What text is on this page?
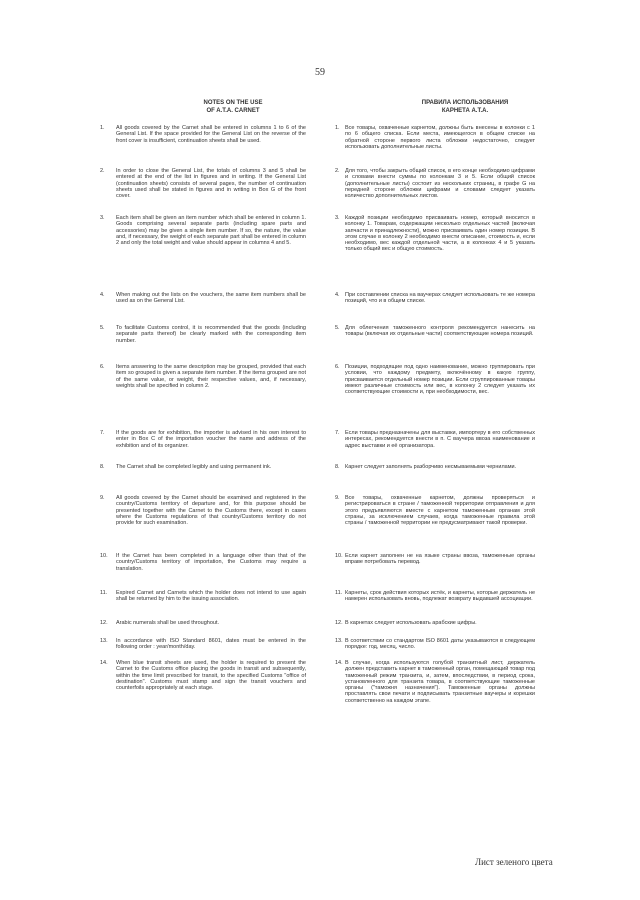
59
NOTES ON THE USE
OF A.T.A. CARNET
ПРАВИЛА ИСПОЛЬЗОВАНИЯ
КАРНЕТА A.T.A.
1. All goods covered by the Carnet shall be entered in columns 1 to 6 of the General List. If the space provided for the General List on the reverse of the front cover is insufficient, continuation sheets shall be used.

1. Все товары, охваченные карнетом, должны быть внесены в колонки с 1 по 6 общего списка. Если места, имеющегося в общем списке на обратной стороне первого листа обложки недостаточно, следует использовать дополнительные листы.

2. In order to close the General List, the totals of columns 3 and 5 shall be entered at the end of the list in figures and in writing. If the General List (continuation sheets) consists of several pages, the number of continuation sheets used shall be stated in figures and in writing in Box G of the front cover.

2. Для того, чтобы закрыть общий список, в его конце необходимо цифрами и словами внести суммы по колонкам 3 и 5. Если общий список (дополнительные листы) состоит из нескольких страниц, в графе G на передней стороне обложки цифрами и словами следует указать количество дополнительных листов.

3. Each item shall be given an item number which shall be entered in column 1. Goods comprising several separate parts (including spare parts and accessories) may be given a single item number. If so, the nature, the value and, if necessary, the weight of each separate part shall be entered in column 2 and only the total weight and value should appear in columns 4 and 5.

3. Каждой позиции необходимо присваивать номер, который вносится в колонку 1. Товарам, содержащим несколько отдельных частей (включая запчасти и принадлежности), можно присваивать один номер позиции. В этом случае в колонку 2 необходимо внести описание, стоимость и, если необходимо, вес каждой отдельной части, а в колонках 4 и 5 указать только общий вес и общую стоимость.

4. When making out the lists on the vouchers, the same item numbers shall be used as on the General List.

4. При составлении списка на ваучерах следует использовать те же номера позиций, что и в общем списке.

5. To facilitate Customs control, it is recommended that the goods (including separate parts thereof) be clearly marked with the corresponding item number.

5. Для облегчения таможенного контроля рекомендуется нанесить на товары (включая их отдельные части) соответствующие номера позиций.

6. Items answering to the same description may be grouped, provided that each item so grouped is given a separate item number. If the items grouped are not of the same value, or weight, their respective values, and, if necessary, weights shall be specified in column 2.

6. Позиции, подходящие под одно наименование, можно группировать при условии, что каждому предмету, включённому в какую группу, присваивается отдельный номер позиции. Если сгруппированные товары имеют различные стоимость или вес, в колонку 2 следует указать их соответствующие стоимости и, при необходимости, вес.

7. If the goods are for exhibition, the importer is advised in his own interest to enter in Box C of the importation voucher the name and address of the exhibition and of its organizer.

7. Если товары предназначены для выставки, импортеру в его собственных интересах, рекомендуется внести в п. C ваучера ввоза наименование и адрес выставки и её организатора.

8. The Carnet shall be completed legibly and using permanent ink.	8. Карнет следует заполнять разборчиво несмываемыми чернилами.

9. All goods covered by the Carnet should be examined and registered in the country/Customs territory of departure and, for this purpose should be presented together with the Carnet to the Customs there, except in cases where the Customs regulations of that country/Customs territory do not provide for such examination.

9. Все товары, охваченные карнетом, должны проверяться и регистрироваться в стране / таможенной территории отправления и для этого предъявляются вместе с карнетом таможенным органам этой страны, за исключением случаев, когда таможенные правила этой страны / таможенной территории не предусматривают такой проверки.

10. If the Carnet has been completed in a language other than that of the country/Customs territory of importation, the Customs may require a translation.

10. Если карнет заполнен не на языке страны ввоза, таможенные органы вправе потребовать перевод.

11. Expired Carnet and Carnets which the holder does not intend to use again shall be returned by him to the issuing association.

11. Карнеты, срок действия которых истёк, и карнеты, которые держатель не намерен использовать вновь, подлежат возврату выдавшей ассоциации.

12. Arabic numerals shall be used throughout.	12. В карнетах следует использовать арабские цифры.

13. In accordance with ISO Standard 8601, dates must be entered in the following order : year/month/day.

13. В соответствии со стандартом ISO 8601 даты указываются в следующем порядке: год, месяц, число.

14. When blue transit sheets are used, the holder is required to present the Carnet to the Customs office placing the goods in transit and subsequently, within the time limit prescribed for transit, to the specified Customs "office of destination". Customs must stamp and sign the transit vouchers and counterfoils appropriately at each stage.

14. В случае, когда используются голубой транзитный лист, держатель должен представить карнет в таможенный орган, помещающий товар под таможенный режим транзита, и, затем, впоследствии, в период срока, установленного для транзита товара, в соответствующие таможенные органы ("таможня назначения"). Таможенные органы должны проставлять свои печати и подписывать транзитные ваучеры и корешки соответственно на каждом этапе.

Лист зеленого цвета
